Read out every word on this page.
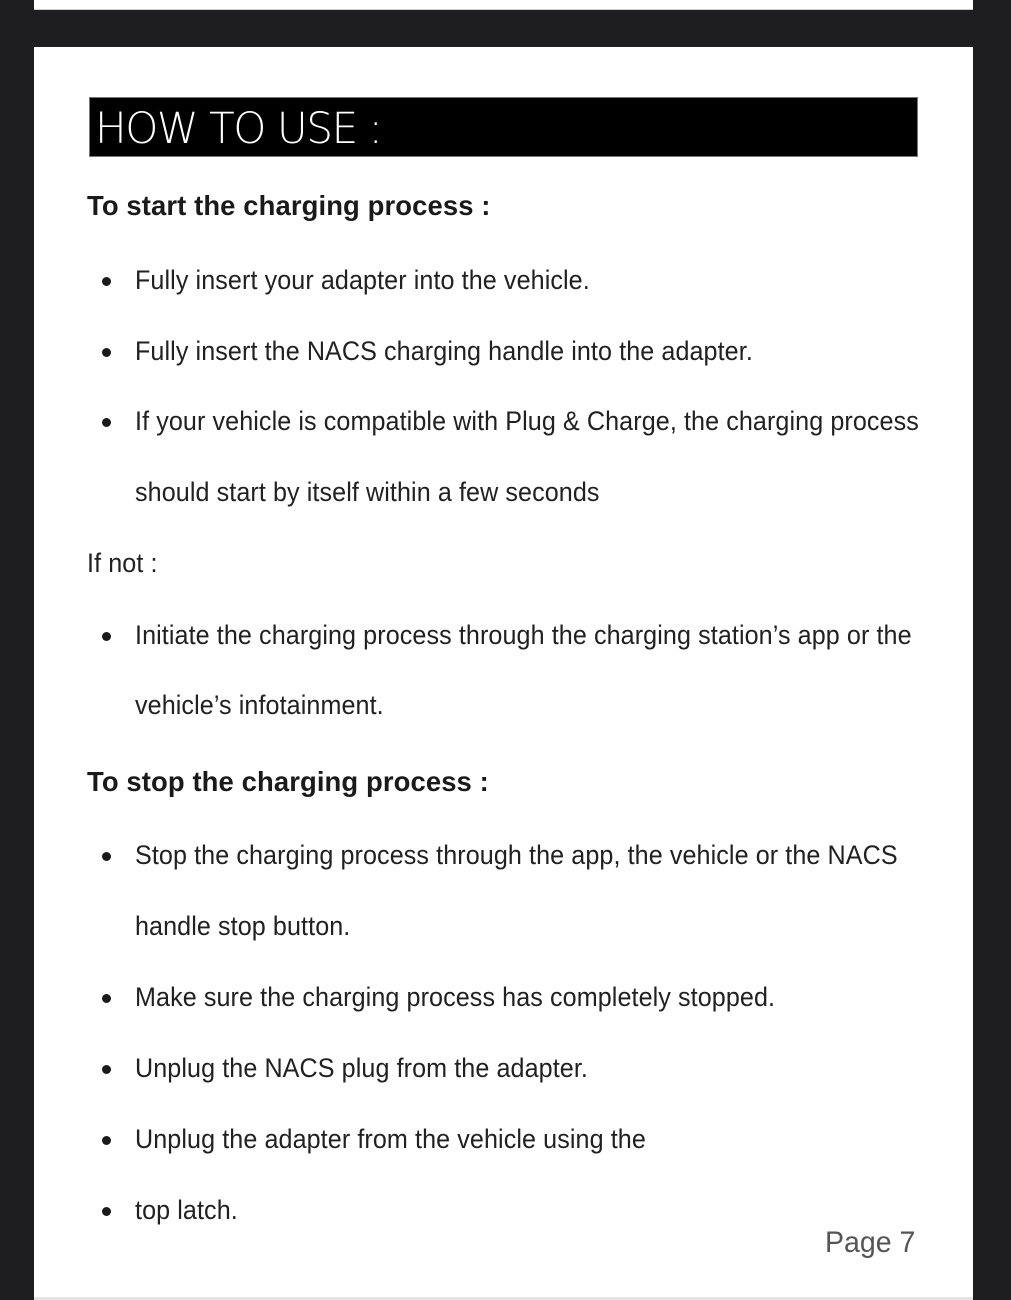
HOW TO USE :
To start the charging process :
Fully insert your adapter into the vehicle.
Fully insert the NACS charging handle into the adapter.
If your vehicle is compatible with Plug & Charge, the charging process
should start by itself within a few seconds
If not :
Initiate the charging process through the charging station’s app or the
vehicle’s infotainment.
To stop the charging process :
Stop the charging process through the app, the vehicle or the NACS
handle stop button.
Make sure the charging process has completely stopped.
Unplug the NACS plug from the adapter.
Unplug the adapter from the vehicle using the
top latch.
Page 7
